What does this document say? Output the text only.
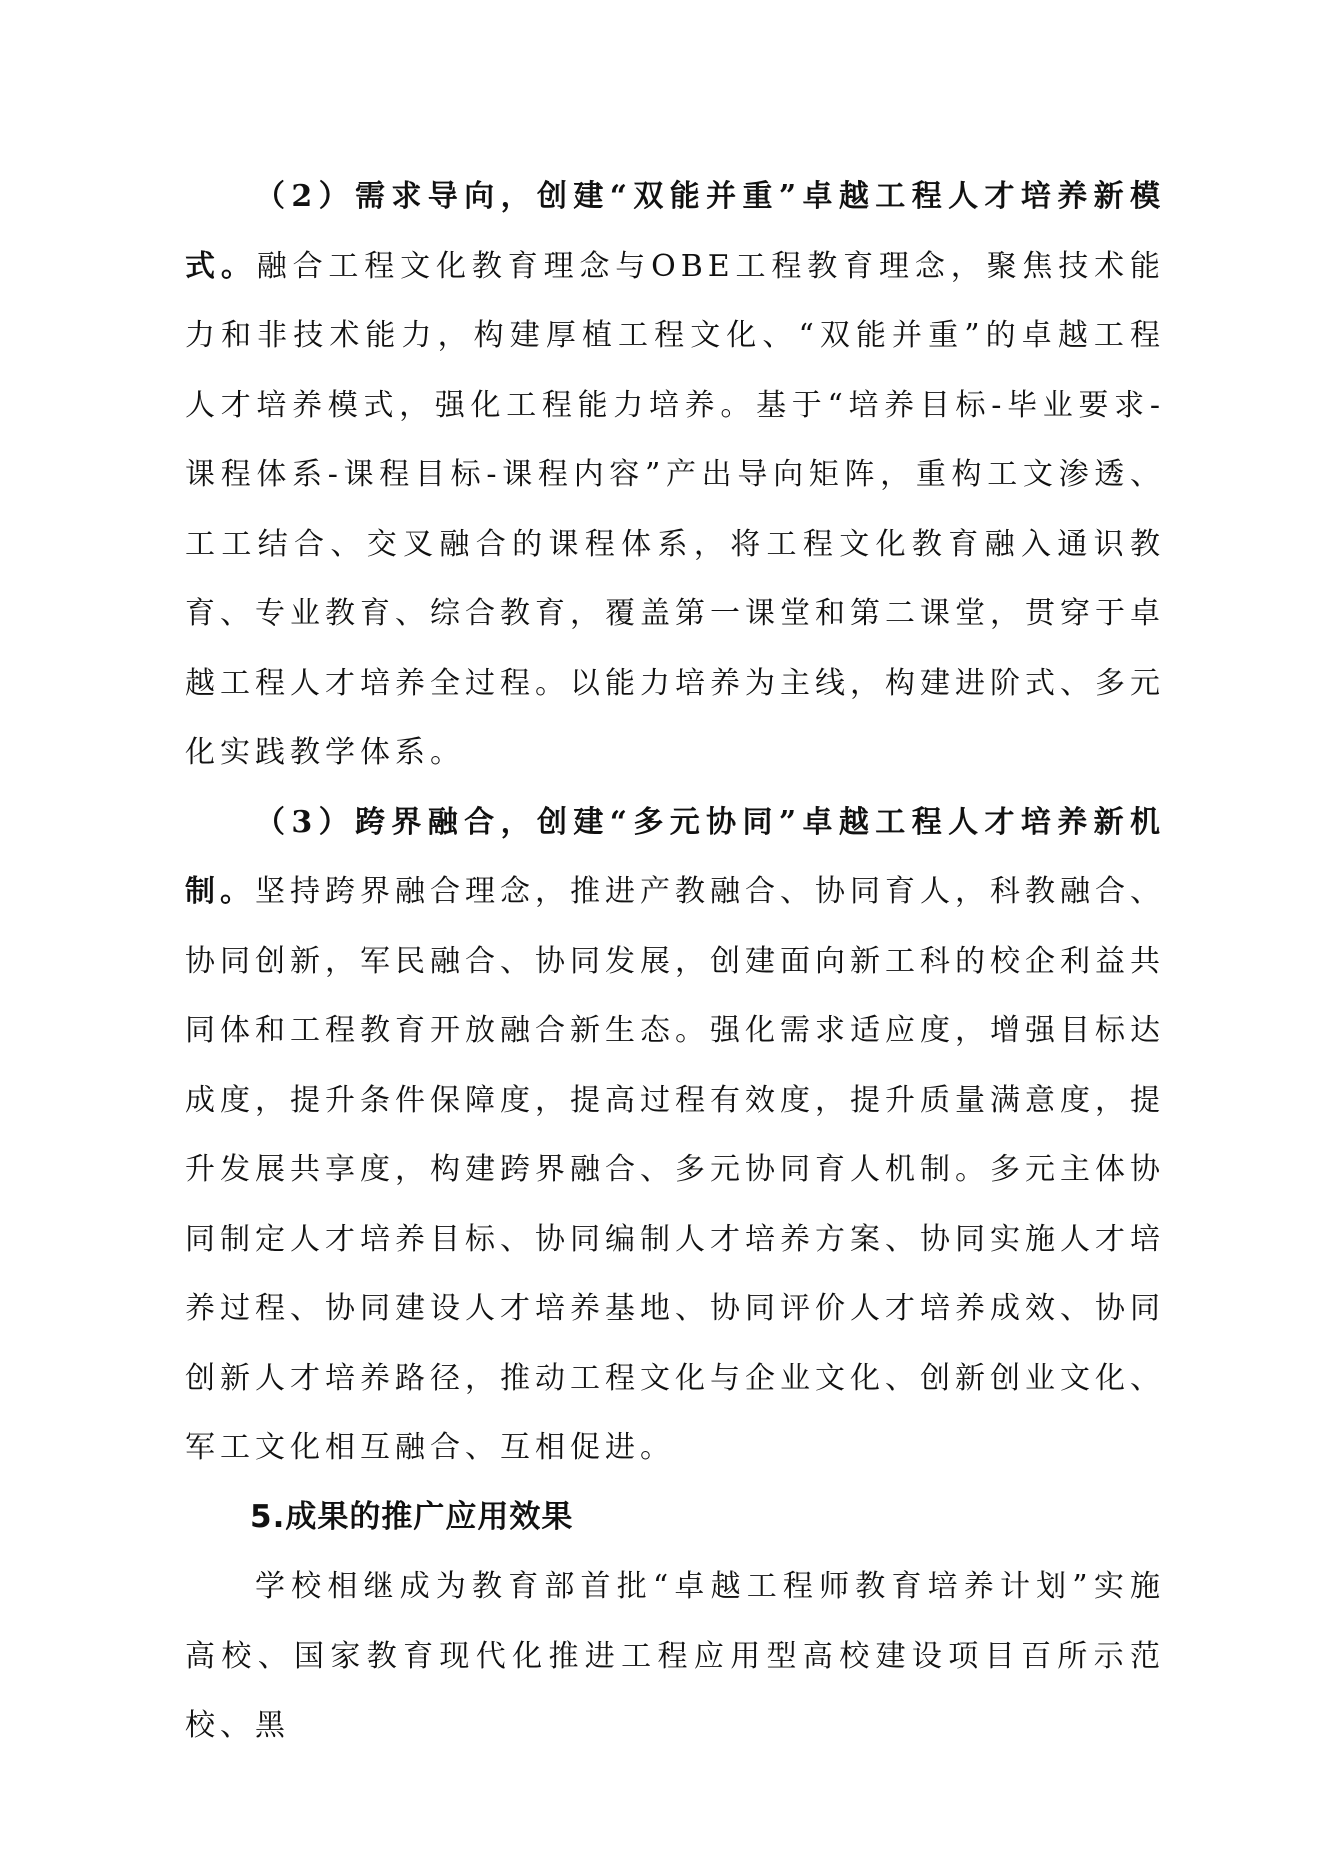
（2）需求导向，创建“双能并重”卓越工程人才培养新模式。融合工程文化教育理念与OBE工程教育理念，聚焦技术能力和非技术能力，构建厚植工程文化、“双能并重”的卓越工程人才培养模式，强化工程能力培养。基于“培养目标-毕业要求-课程体系-课程目标-课程内容”产出导向矩阵，重构工文渗透、工工结合、交叉融合的课程体系，将工程文化教育融入通识教育、专业教育、综合教育，覆盖第一课堂和第二课堂，贯穿于卓越工程人才培养全过程。以能力培养为主线，构建进阶式、多元化实践教学体系。

（3）跨界融合，创建“多元协同”卓越工程人才培养新机制。坚持跨界融合理念，推进产教融合、协同育人，科教融合、协同创新，军民融合、协同发展，创建面向新工科的校企利益共同体和工程教育开放融合新生态。强化需求适应度，增强目标达成度，提升条件保障度，提高过程有效度，提升质量满意度，提升发展共享度，构建跨界融合、多元协同育人机制。多元主体协同制定人才培养目标、协同编制人才培养方案、协同实施人才培养过程、协同建设人才培养基地、协同评价人才培养成效、协同创新人才培养路径，推动工程文化与企业文化、创新创业文化、军工文化相互融合、互相促进。

5.成果的推广应用效果

学校相继成为教育部首批“卓越工程师教育培养计划”实施高校、国家教育现代化推进工程应用型高校建设项目百所示范校、黑
